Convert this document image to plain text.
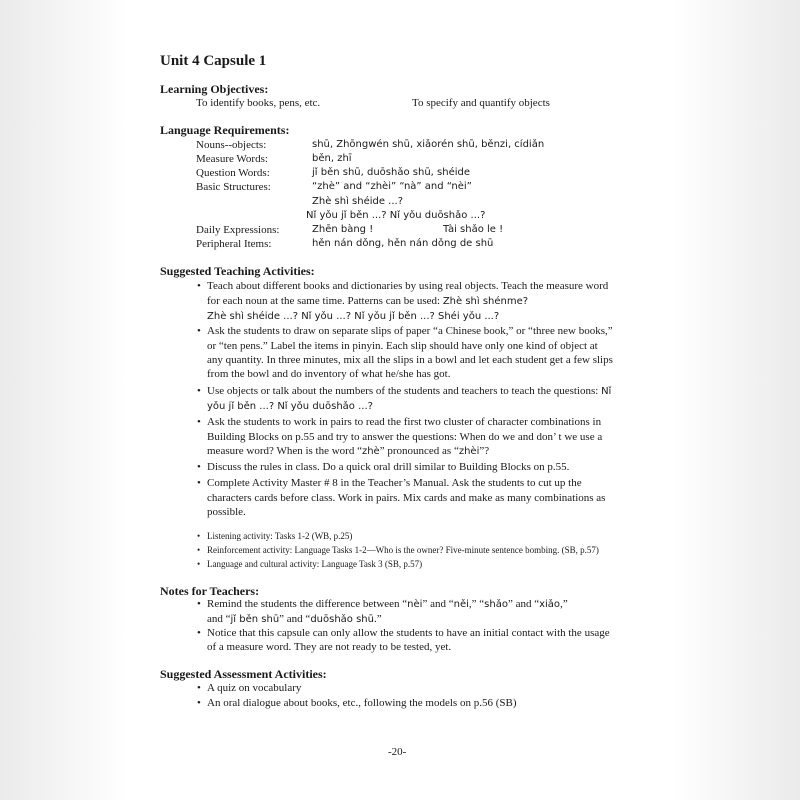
Unit 4 Capsule 1
Learning Objectives:
To identify books, pens, etc.	To specify and quantify objects
Language Requirements:
Nouns--objects:	shū, Zhōngwén shū, xiǎorén shū, běnzi, cídiǎn
Measure Words:	běn, zhī
Question Words:	jǐ běn shū, duōshǎo shū, shéide
Basic Structures:	“zhè” and “zhèi” “nà” and “nèi”
Zhè shì shéide ...?
Nǐ yǒu jǐ běn ...? Nǐ yǒu duōshǎo ...?
Daily Expressions:	Zhēn bàng !	Tài shǎo le !
Peripheral Items:	hěn nán dǒng, hěn nán dǒng de shū
Suggested Teaching Activities:
• Teach about different books and dictionaries by using real objects. Teach the measure word
for each noun at the same time. Patterns can be used: Zhè shì shénme?
Zhè shì shéide ...? Nǐ yǒu ...? Nǐ yǒu jǐ běn ...? Shéi yǒu ...?
• Ask the students to draw on separate slips of paper “a Chinese book,” or “three new books,”
or “ten pens.” Label the items in pinyin. Each slip should have only one kind of object at
any quantity. In three minutes, mix all the slips in a bowl and let each student get a few slips
from the bowl and do inventory of what he/she has got.
• Use objects or talk about the numbers of the students and teachers to teach the questions: Nǐ
yǒu jǐ běn ...? Nǐ yǒu duōshǎo ...?
• Ask the students to work in pairs to read the first two cluster of character combinations in
Building Blocks on p.55 and try to answer the questions: When do we and don’ t we use a
measure word? When is the word “zhè” pronounced as “zhèi”?
• Discuss the rules in class. Do a quick oral drill similar to Building Blocks on p.55.
• Complete Activity Master # 8 in the Teacher’s Manual. Ask the students to cut up the
characters cards before class. Work in pairs. Mix cards and make as many combinations as
possible.
• Listening activity: Tasks 1-2 (WB, p.25)
• Reinforcement activity: Language Tasks 1-2—Who is the owner? Five-minute sentence bombing. (SB, p.57)
• Language and cultural activity: Language Task 3 (SB, p.57)
Notes for Teachers:
• Remind the students the difference between “nèi” and “něi,” “shǎo” and “xiǎo,”
and “jǐ běn shū” and “duōshǎo shū.”
• Notice that this capsule can only allow the students to have an initial contact with the usage
of a measure word. They are not ready to be tested, yet.
Suggested Assessment Activities:
• A quiz on vocabulary
• An oral dialogue about books, etc., following the models on p.56 (SB)
-20-
